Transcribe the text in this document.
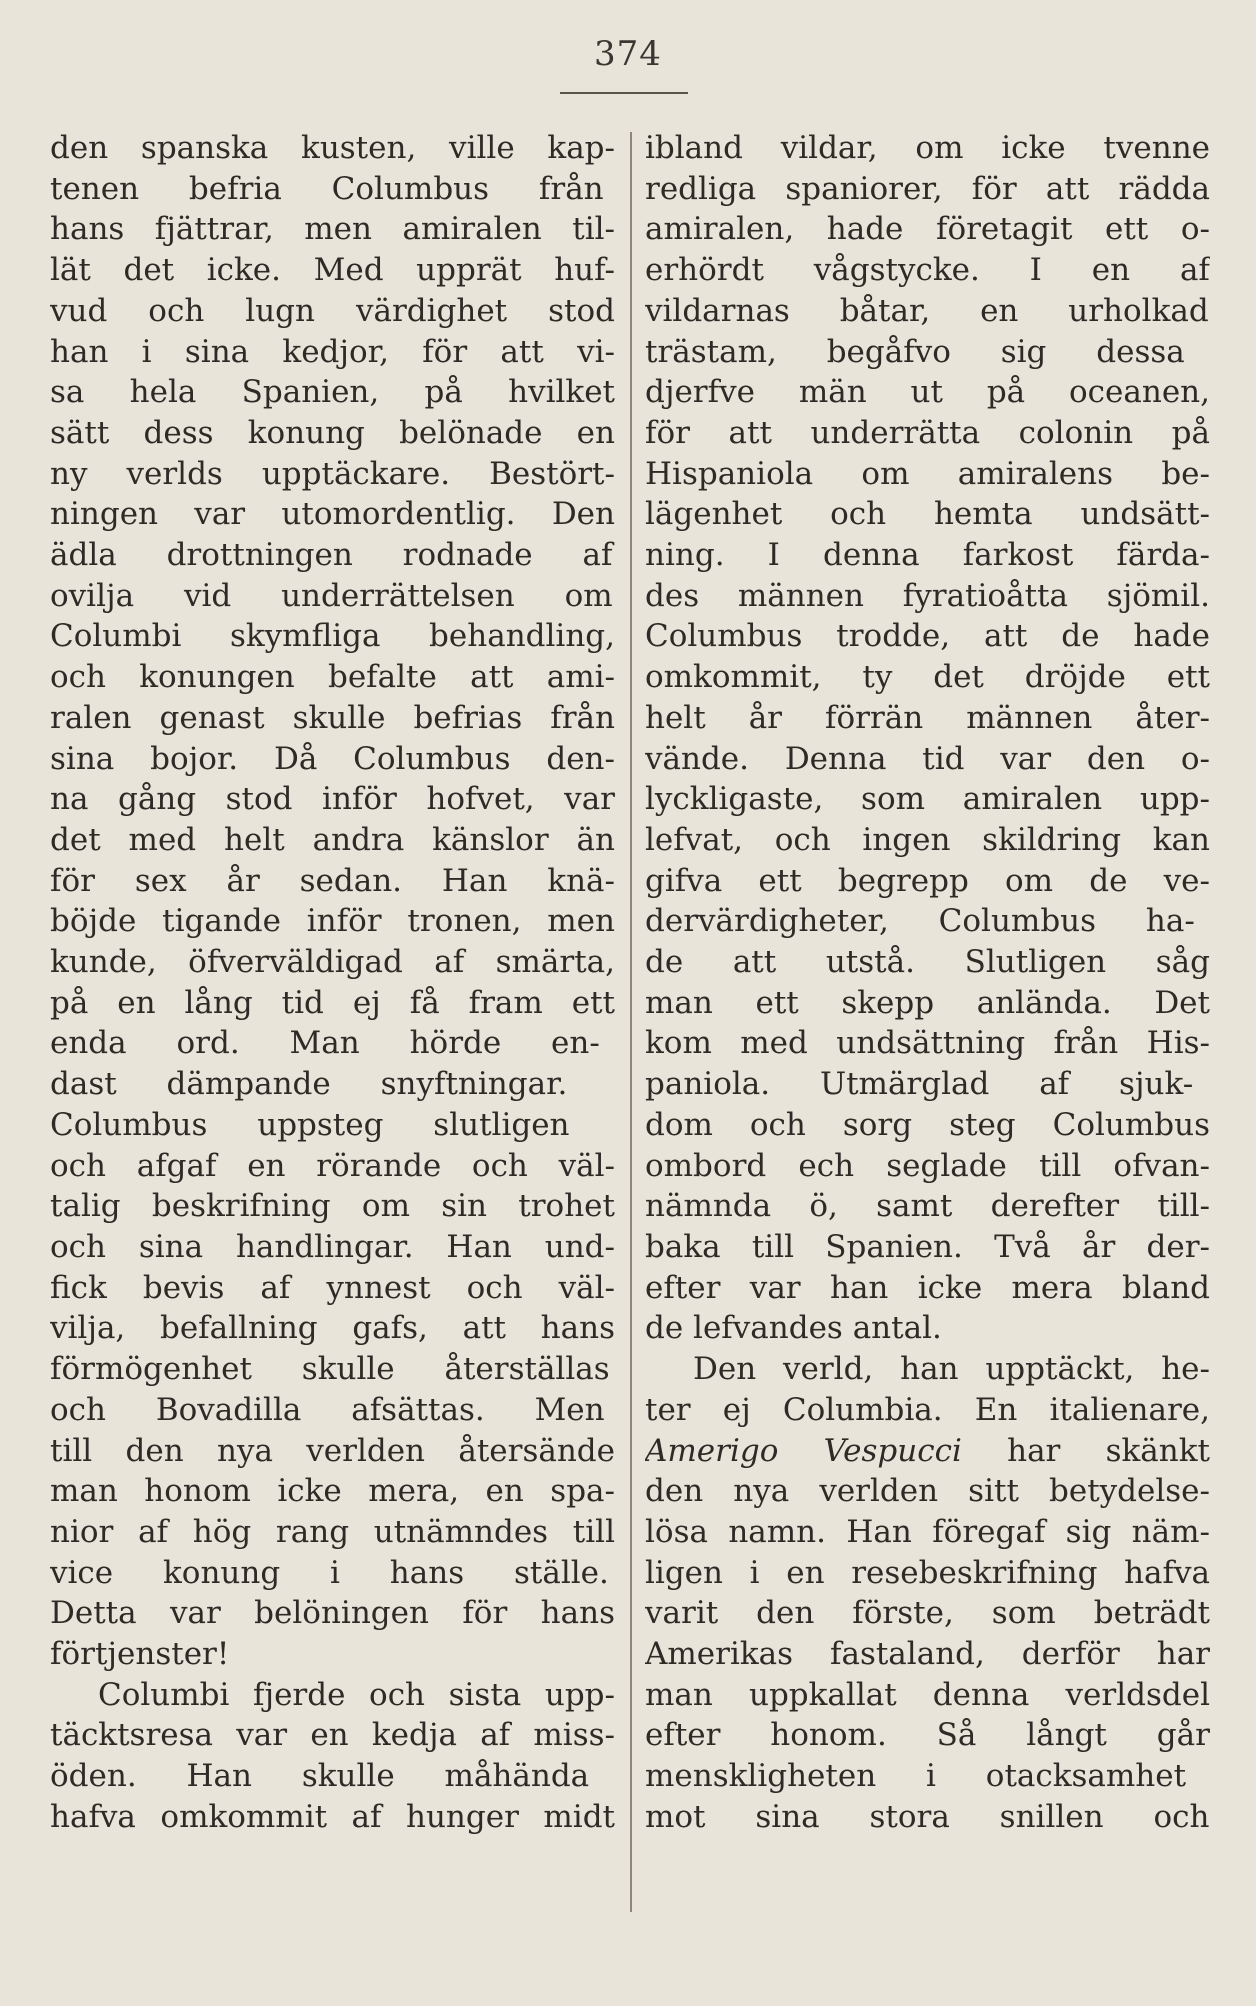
374
den spanska kusten, ville kap-
tenen befria Columbus från
hans fjättrar, men amiralen til-
lät det icke. Med upprät huf-
vud och lugn värdighet stod
han i sina kedjor, för att vi-
sa hela Spanien, på hvilket
sätt dess konung belönade en
ny verlds upptäckare. Bestört-
ningen var utomordentlig. Den
ädla drottningen rodnade af
ovilja vid underrättelsen om
Columbi skymfliga behandling,
och konungen befalte att ami-
ralen genast skulle befrias från
sina bojor. Då Columbus den-
na gång stod inför hofvet, var
det med helt andra känslor än
för sex år sedan. Han knä-
böjde tigande inför tronen, men
kunde, öfverväldigad af smärta,
på en lång tid ej få fram ett
enda ord. Man hörde en-
dast dämpande snyftningar.
Columbus uppsteg slutligen
och afgaf en rörande och väl-
talig beskrifning om sin trohet
och sina handlingar. Han und-
fick bevis af ynnest och väl-
vilja, befallning gafs, att hans
förmögenhet skulle återställas
och Bovadilla afsättas. Men
till den nya verlden återsände
man honom icke mera, en spa-
nior af hög rang utnämndes till
vice konung i hans ställe.
Detta var belöningen för hans
förtjenster!
Columbi fjerde och sista upp-
täcktsresa var en kedja af miss-
öden. Han skulle måhända
hafva omkommit af hunger midt
ibland vildar, om icke tvenne
redliga spaniorer, för att rädda
amiralen, hade företagit ett o-
erhördt vågstycke. I en af
vildarnas båtar, en urholkad
trästam, begåfvo sig dessa
djerfve män ut på oceanen,
för att underrätta colonin på
Hispaniola om amiralens be-
lägenhet och hemta undsätt-
ning. I denna farkost färda-
des männen fyratioåtta sjömil.
Columbus trodde, att de hade
omkommit, ty det dröjde ett
helt år förrän männen åter-
vände. Denna tid var den o-
lyckligaste, som amiralen upp-
lefvat, och ingen skildring kan
gifva ett begrepp om de ve-
dervärdigheter, Columbus ha-
de att utstå. Slutligen såg
man ett skepp anlända. Det
kom med undsättning från His-
paniola. Utmärglad af sjuk-
dom och sorg steg Columbus
ombord ech seglade till ofvan-
nämnda ö, samt derefter till-
baka till Spanien. Två år der-
efter var han icke mera bland
de lefvandes antal.
Den verld, han upptäckt, he-
ter ej Columbia. En italienare,
Amerigo Vespucci har skänkt
den nya verlden sitt betydelse-
lösa namn. Han föregaf sig näm-
ligen i en resebeskrifning hafva
varit den förste, som beträdt
Amerikas fastaland, derför har
man uppkallat denna verldsdel
efter honom. Så långt går
menskligheten i otacksamhet
mot sina stora snillen och
